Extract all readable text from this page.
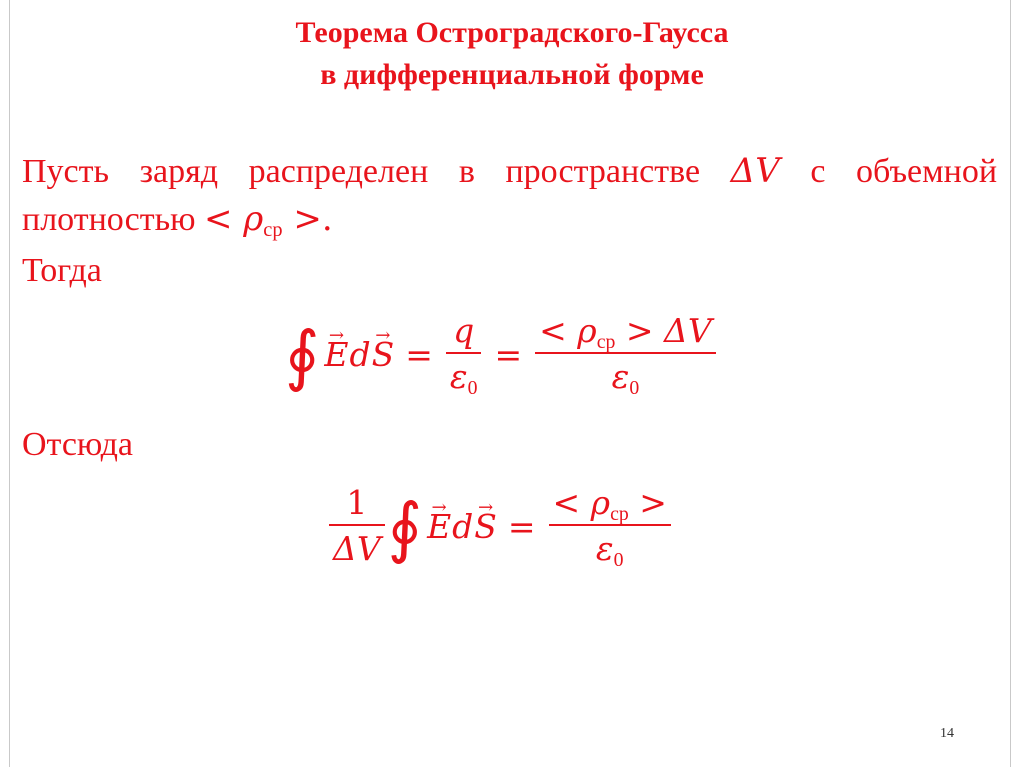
Теорема Остроградского-Гаусса
в дифференциальной форме
Пусть заряд распределен в пространстве ΔV с объемной
плотностью < ρср >.
Тогда
∮
→ E d
→ $S = \frac{q}{\varepsilon 0} = \frac{\text{< ρср > ΔV}}{\varepsilon 0}$
Отсюда
$\frac{1}{\Delta V}$ ∮
→ E d
→ $S = \frac{\text{< ρср >}}{\varepsilon 0}$
14
